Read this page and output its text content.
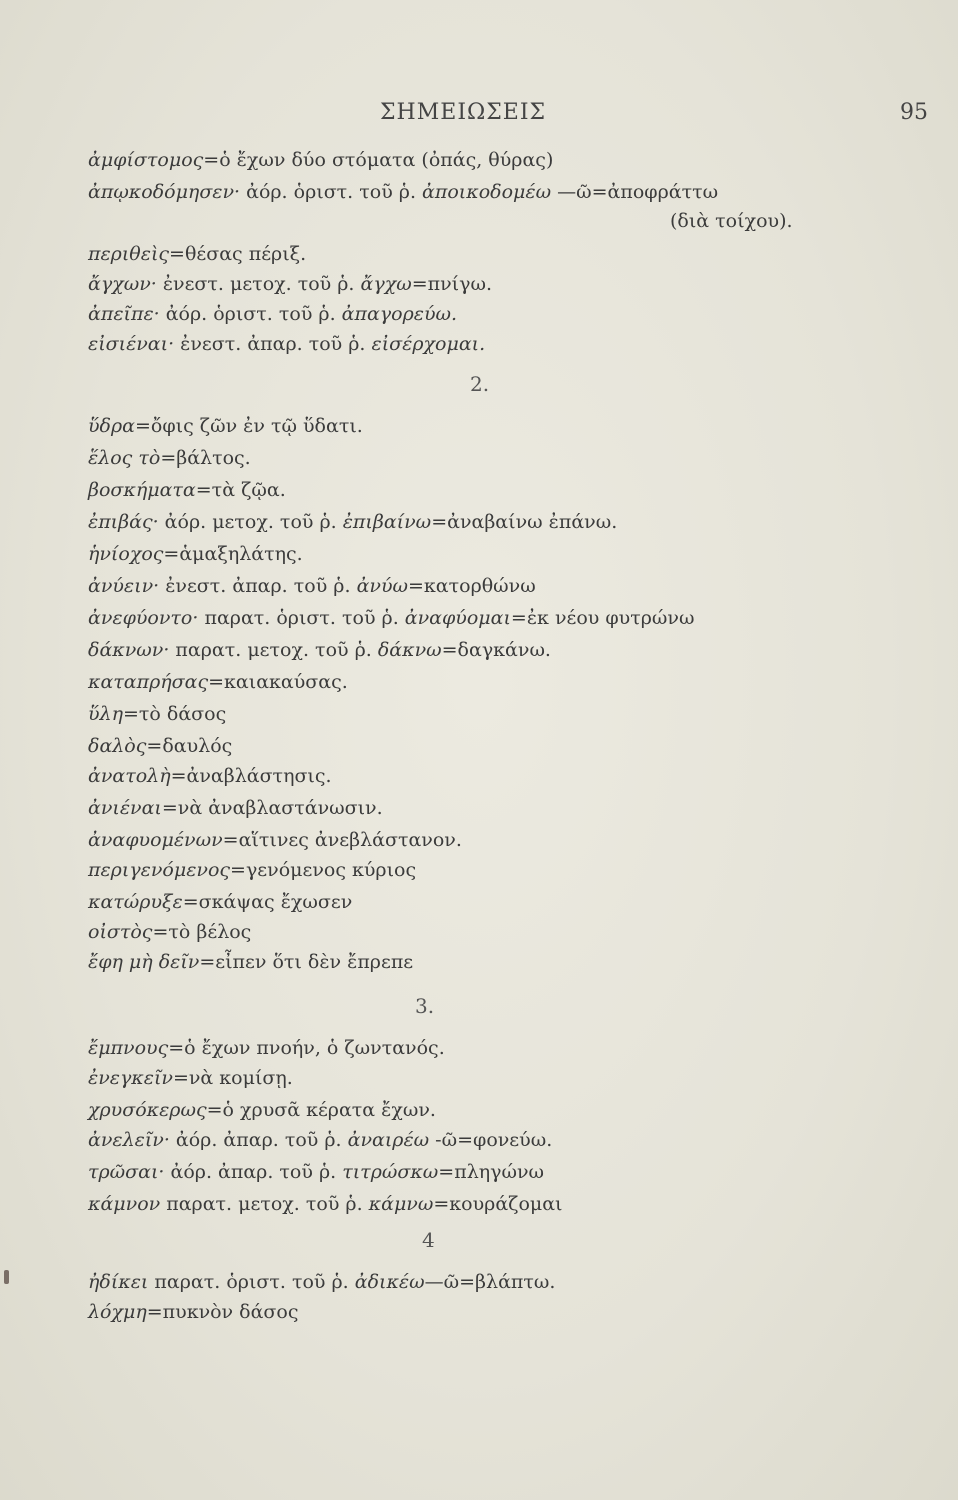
ΣΗΜΕΙΩΣΕΙΣ	95
ἀμφίστομος=ὁ ἔχων δύο στόματα (ὀπάς, θύρας)
ἀπῳκοδόμησεν· ἀόρ. ὁριστ. τοῦ ῥ. ἀποικοδομέω —ῶ=ἀποφράττω
(διὰ τοίχου).
περιθεὶς=θέσας πέριξ.
ἄγχων· ἐνεστ. μετοχ. τοῦ ῥ. ἄγχω=πνίγω.
ἀπεῖπε· ἀόρ. ὁριστ. τοῦ ῥ. ἀπαγορεύω.
εἰσιέναι· ἐνεστ. ἀπαρ. τοῦ ῥ. εἰσέρχομαι.
2.
ὕδρα=ὄφις ζῶν ἐν τῷ ὕδατι.
ἕλος τὸ=βάλτος.
βοσκήματα=τὰ ζῷα.
ἐπιβάς· ἀόρ. μετοχ. τοῦ ῥ. ἐπιβαίνω=ἀναβαίνω ἐπάνω.
ἡνίοχος=ἁμαξηλάτης.
ἀνύειν· ἐνεστ. ἀπαρ. τοῦ ῥ. ἀνύω=κατορθώνω
ἀνεφύοντο· παρατ. ὁριστ. τοῦ ῥ. ἀναφύομαι=ἐκ νέου φυτρώνω
δάκνων· παρατ. μετοχ. τοῦ ῥ. δάκνω=δαγκάνω.
καταπρήσας=καιακαύσας.
ὕλη=τὸ δάσος
δαλὸς=δαυλός
ἀνατολὴ=ἀναβλάστησις.
ἀνιέναι=νὰ ἀναβλαστάνωσιν.
ἀναφυομένων=αἵτινες ἀνεβλάστανον.
περιγενόμενος=γενόμενος κύριος
κατώρυξε=σκάψας ἔχωσεν
οἰστὸς=τὸ βέλος
ἔφη μὴ δεῖν=εἶπεν ὅτι δὲν ἔπρεπε
3.
ἔμπνους=ὁ ἔχων πνοήν, ὁ ζωντανός.
ἐνεγκεῖν=νὰ κομίσῃ.
χρυσόκερως=ὁ χρυσᾶ κέρατα ἔχων.
ἀνελεῖν· ἀόρ. ἀπαρ. τοῦ ῥ. ἀναιρέω -ῶ=φονεύω.
τρῶσαι· ἀόρ. ἀπαρ. τοῦ ῥ. τιτρώσκω=πληγώνω
κάμνον παρατ. μετοχ. τοῦ ῥ. κάμνω=κουράζομαι
4
ἠδίκει παρατ. ὁριστ. τοῦ ῥ. ἀδικέω—ῶ=βλάπτω.
λόχμη=πυκνὸν δάσος
